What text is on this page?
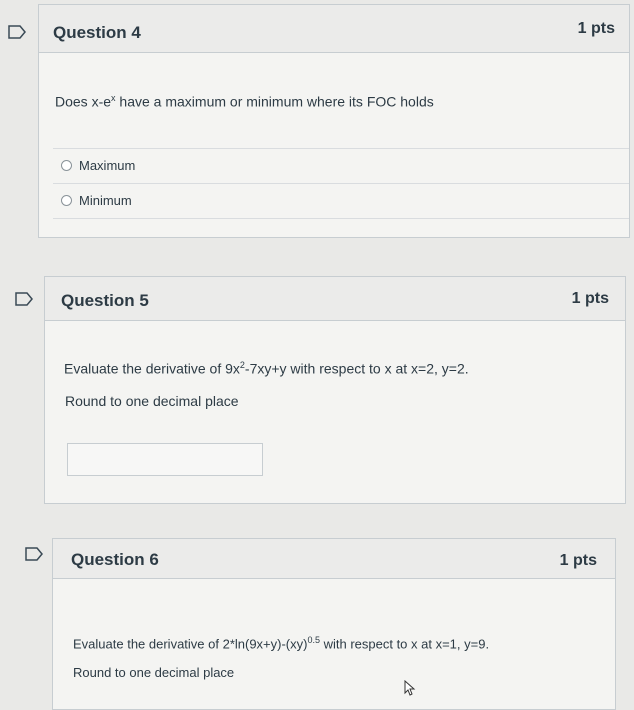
Question 4	1 pts
Does $x-e^x$ have a maximum or minimum where its FOC holds
Maximum
Minimum
Question 5	1 pts
Evaluate the derivative of $9x^2-7xy+y$ with respect to x at x=2, y=2.
Round to one decimal place
Question 6	1 pts
Evaluate the derivative of 2*ln(9x+y)-(xy)$^{0.5}$ with respect to x at x=1, y=9.
Round to one decimal place
